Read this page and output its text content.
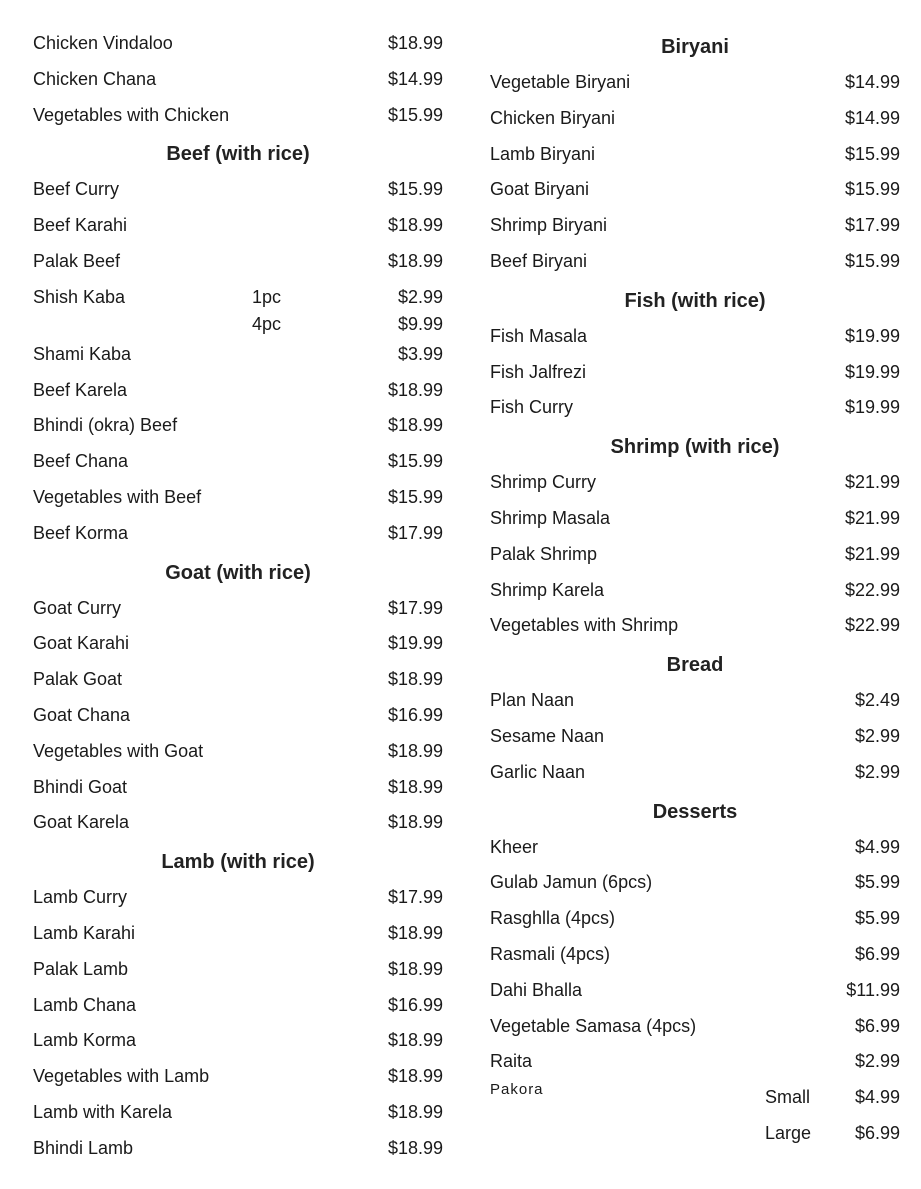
Chicken Vindaloo	$18.99
Chicken Chana	$14.99
Vegetables with Chicken	$15.99
Beef (with rice)
Beef Curry	$15.99
Beef Karahi	$18.99
Palak Beef	$18.99
Shish Kaba	1pc	$2.99
4pc	$9.99
Shami Kaba	$3.99
Beef Karela	$18.99
Bhindi (okra) Beef	$18.99
Beef Chana	$15.99
Vegetables with Beef	$15.99
Beef Korma	$17.99
Goat (with rice)
Goat Curry	$17.99
Goat Karahi	$19.99
Palak Goat	$18.99
Goat Chana	$16.99
Vegetables with Goat	$18.99
Bhindi Goat	$18.99
Goat Karela	$18.99
Lamb (with rice)
Lamb Curry	$17.99
Lamb Karahi	$18.99
Palak Lamb	$18.99
Lamb Chana	$16.99
Lamb Korma	$18.99
Vegetables with Lamb	$18.99
Lamb with Karela	$18.99
Bhindi Lamb	$18.99
Biryani
Vegetable Biryani	$14.99
Chicken Biryani	$14.99
Lamb Biryani	$15.99
Goat Biryani	$15.99
Shrimp Biryani	$17.99
Beef Biryani	$15.99
Fish (with rice)
Fish Masala	$19.99
Fish Jalfrezi	$19.99
Fish Curry	$19.99
Shrimp (with rice)
Shrimp Curry	$21.99
Shrimp Masala	$21.99
Palak Shrimp	$21.99
Shrimp Karela	$22.99
Vegetables with Shrimp	$22.99
Bread
Plan Naan	$2.49
Sesame Naan	$2.99
Garlic Naan	$2.99
Desserts
Kheer	$4.99
Gulab Jamun (6pcs)	$5.99
Rasghlla (4pcs)	$5.99
Rasmali (4pcs)	$6.99
Dahi Bhalla	$11.99
Vegetable Samasa (4pcs)	$6.99
Raita	$2.99
Pakora	Small $4.99
Large $6.99
